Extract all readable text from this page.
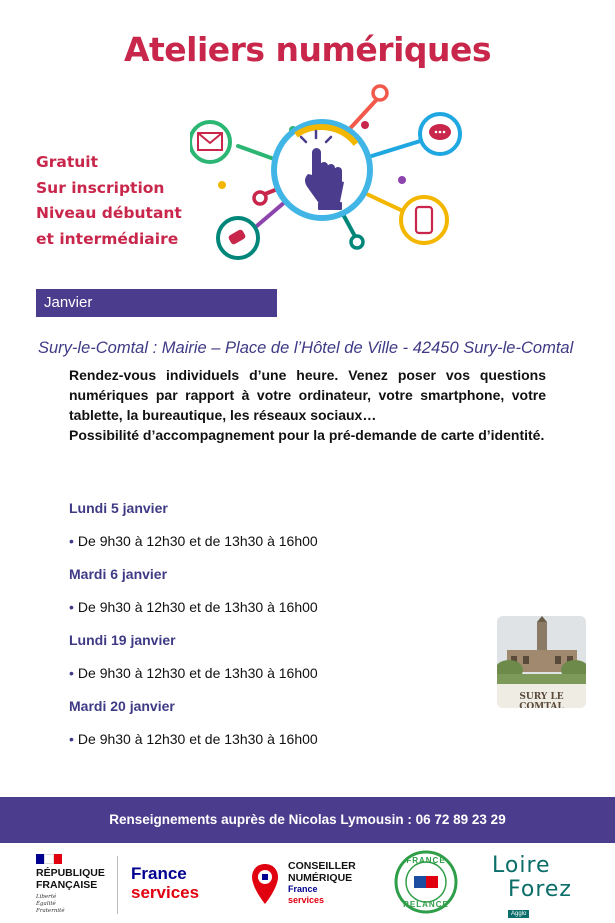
Ateliers numériques
Gratuit
Sur inscription
Niveau débutant
et intermédiaire
Janvier
Sury-le-Comtal : Mairie – Place de l’Hôtel de Ville - 42450 Sury-le-Comtal

Rendez-vous individuels d’une heure. Venez poser vos questions numériques par rapport à votre ordinateur, votre smartphone, votre tablette, la bureautique, les réseaux sociaux…

Possibilité d’accompagnement pour la pré-demande de carte d’identité.

Lundi 5 janvier
• De 9h30 à 12h30 et de 13h30 à 16h00
Mardi 6 janvier
• De 9h30 à 12h30 et de 13h30 à 16h00
Lundi 19 janvier
• De 9h30 à 12h30 et de 13h30 à 16h00
Mardi 20 janvier
• De 9h30 à 12h30 et de 13h30 à 16h00
SURY LE COMTAL
Renseignements auprès de Nicolas Lymousin : 06 72 89 23 29
RÉPUBLIQUE
FRANÇAISE
Liberté
Égalité
Fraternité
France
services
CONSEILLER
NUMÉRIQUE
France
services
FRANCE
RELANCE
Loire
Forez
Agglo
